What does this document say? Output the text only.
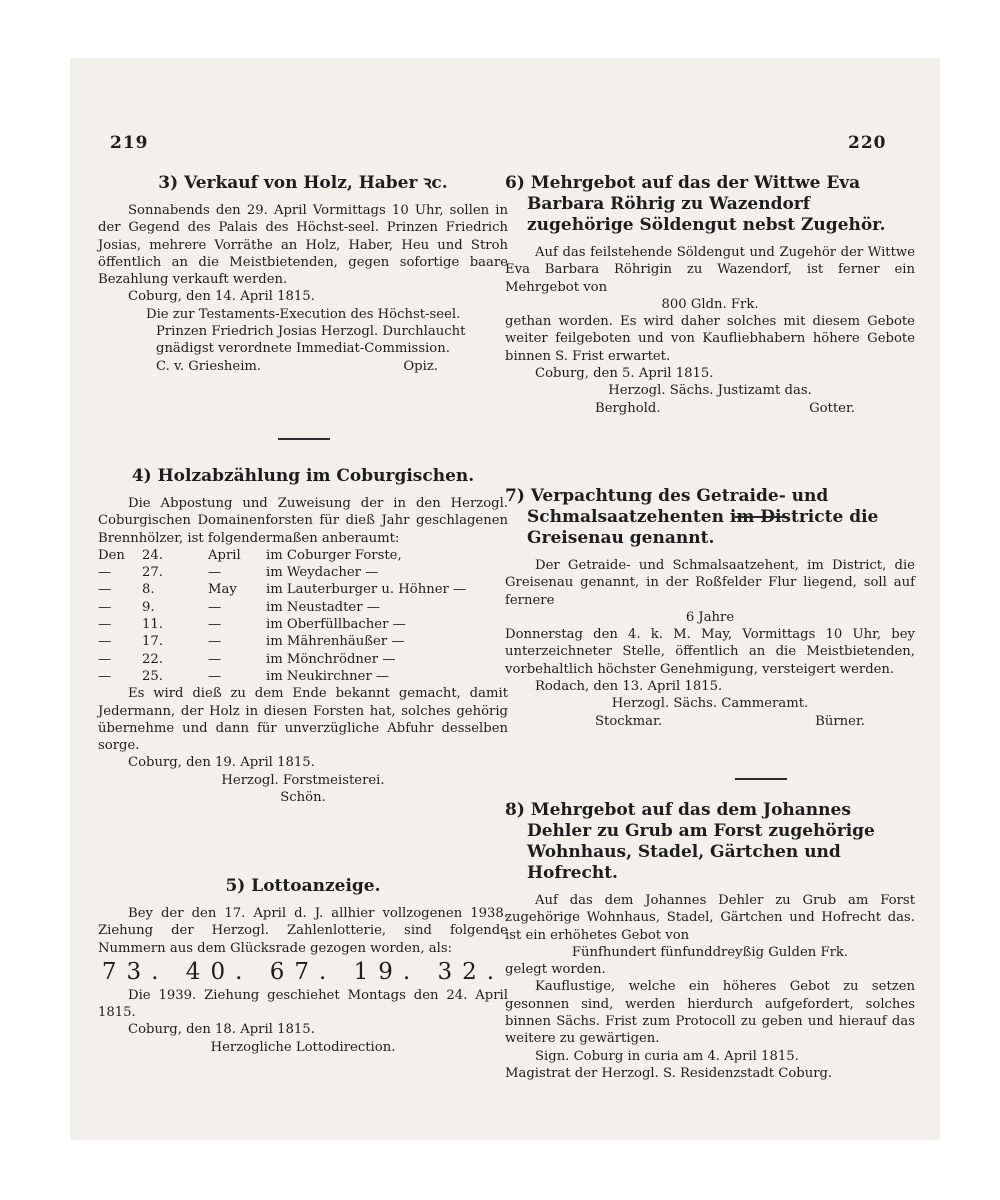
219	220

3) Verkauf von Holz, Haber ꝛc.

Sonnabends den 29. April Vormittags 10 Uhr, sollen in der Gegend des Palais des Höchst-seel. Prinzen Friedrich Josias, mehrere Vorräthe an Holz, Haber, Heu und Stroh öffentlich an die Meistbietenden, gegen sofortige baare Bezahlung verkauft werden.

Coburg, den 14. April 1815.

Die zur Testaments-Execution des Höchst-seel. Prinzen Friedrich Josias Herzogl. Durchlaucht gnädigst verordnete Immediat-Commission.

C. v. Griesheim.	Opiz.

4) Holzabzählung im Coburgischen.

Die Abpostung und Zuweisung der in den Herzogl. Coburgischen Domainenforsten für dieß Jahr geschlagenen Brennhölzer, ist folgendermaßen anberaumt:

Den	24.	April	im Coburger Forste,
—	27.	—	im Weydacher —
—	8.	May	im Lauterburger u. Höhner —
—	9.	—	im Neustadter —
—	11.	—	im Oberfüllbacher —
—	17.	—	im Mährenhäußer —
—	22.	—	im Mönchrödner —
—	25.	—	im Neukirchner —

Es wird dieß zu dem Ende bekannt gemacht, damit Jedermann, der Holz in diesen Forsten hat, solches gehörig übernehme und dann für unverzügliche Abfuhr desselben sorge.

Coburg, den 19. April 1815.

Herzogl. Forstmeisterei.

Schön.

5) Lottoanzeige.

Bey der den 17. April d. J. allhier vollzogenen 1938. Ziehung der Herzogl. Zahlenlotterie, sind folgende Nummern aus dem Glücksrade gezogen worden, als:

73. 40. 67. 19. 32.

Die 1939. Ziehung geschiehet Montags den 24. April 1815.

Coburg, den 18. April 1815.

Herzogliche Lottodirection.

6) Mehrgebot auf das der Wittwe Eva Barbara Röhrig zu Wazendorf zugehörige Söldengut nebst Zugehör.

Auf das feilstehende Söldengut und Zugehör der Wittwe Eva Barbara Röhrigin zu Wazendorf, ist ferner ein Mehrgebot von

800 Gldn. Frk.

gethan worden. Es wird daher solches mit diesem Gebote weiter feilgeboten und von Kaufliebhabern höhere Gebote binnen S. Frist erwartet.

Coburg, den 5. April 1815.

Herzogl. Sächs. Justizamt das.

Berghold.	Gotter.

7) Verpachtung des Getraide- und Schmalsaatzehenten im Districte die Greisenau genannt.

Der Getraide- und Schmalsaatzehent, im District, die Greisenau genannt, in der Roßfelder Flur liegend, soll auf fernere

6 Jahre

Donnerstag den 4. k. M. May, Vormittags 10 Uhr, bey unterzeichneter Stelle, öffentlich an die Meistbietenden, vorbehaltlich höchster Genehmigung, versteigert werden.

Rodach, den 13. April 1815.

Herzogl. Sächs. Cammeramt.

Stockmar.	Bürner.

8) Mehrgebot auf das dem Johannes Dehler zu Grub am Forst zugehörige Wohnhaus, Stadel, Gärtchen und Hofrecht.

Auf das dem Johannes Dehler zu Grub am Forst zugehörige Wohnhaus, Stadel, Gärtchen und Hofrecht das. ist ein erhöhetes Gebot von

Fünfhundert fünfunddreyßig Gulden Frk.

gelegt worden.

Kauflustige, welche ein höheres Gebot zu setzen gesonnen sind, werden hierdurch aufgefordert, solches binnen Sächs. Frist zum Protocoll zu geben und hierauf das weitere zu gewärtigen.

Sign. Coburg in curia am 4. April 1815.

Magistrat der Herzogl. S. Residenzstadt Coburg.
